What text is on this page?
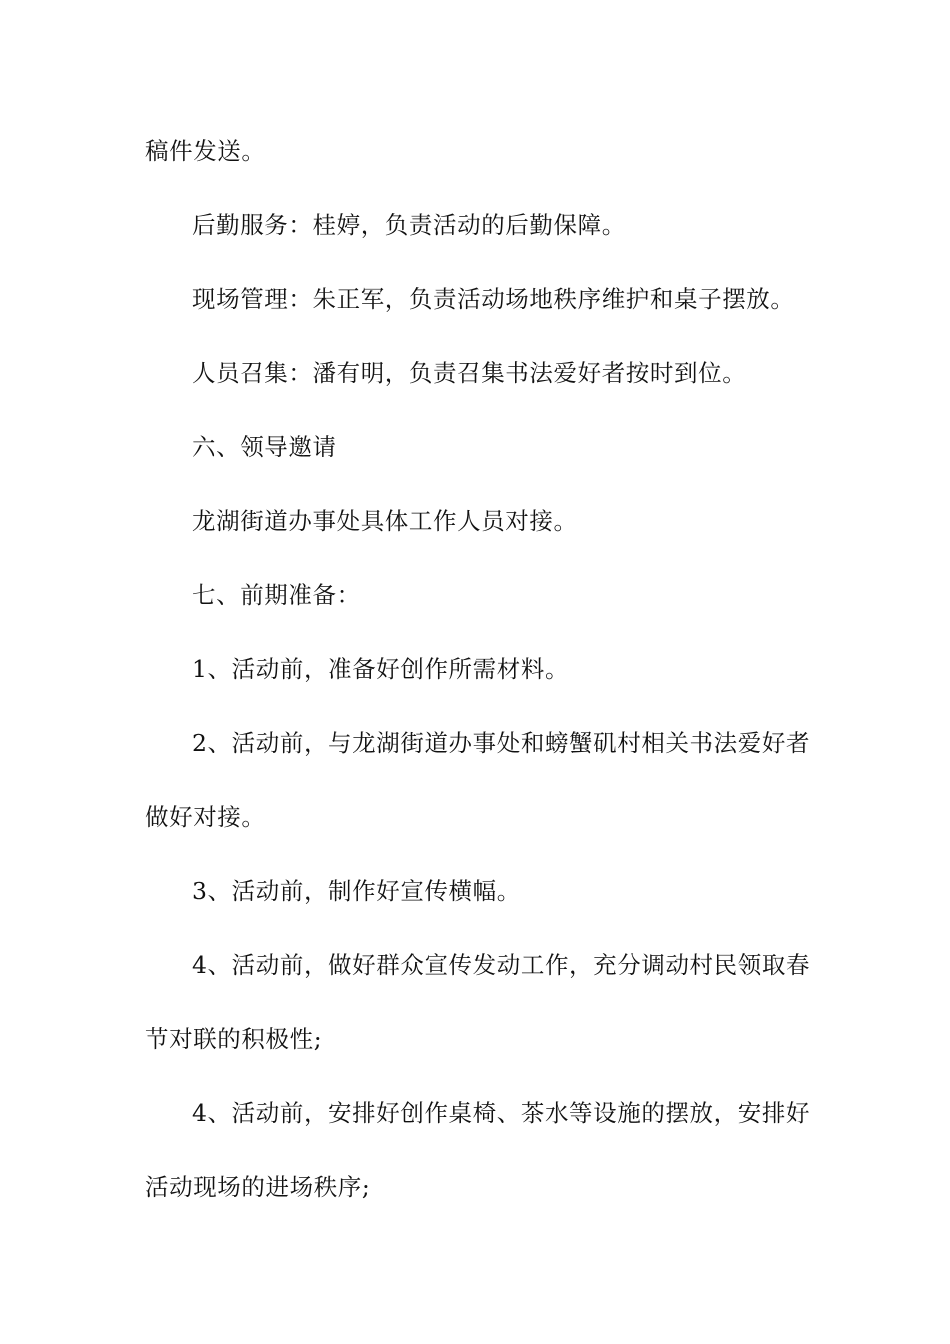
稿件发送。
后勤服务：桂婷，负责活动的后勤保障。
现场管理：朱正军，负责活动场地秩序维护和桌子摆放。
人员召集：潘有明，负责召集书法爱好者按时到位。
六、领导邀请
龙湖街道办事处具体工作人员对接。
七、前期准备：
1、活动前，准备好创作所需材料。
2、活动前，与龙湖街道办事处和螃蟹矶村相关书法爱好者
做好对接。
3、活动前，制作好宣传横幅。
4、活动前，做好群众宣传发动工作，充分调动村民领取春
节对联的积极性;
4、活动前，安排好创作桌椅、茶水等设施的摆放，安排好
活动现场的进场秩序;
